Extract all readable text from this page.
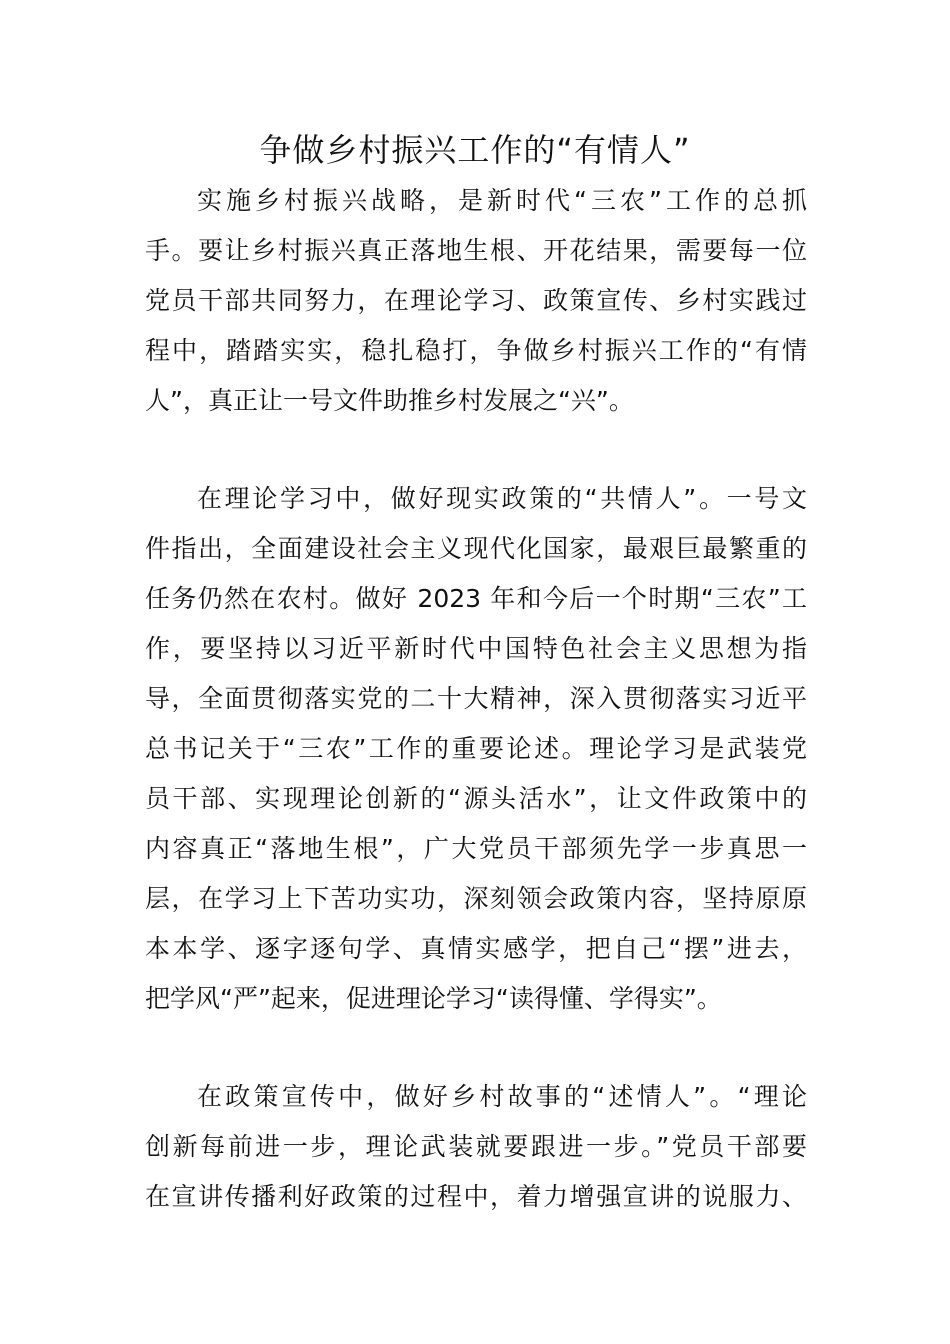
争做乡村振兴工作的“有情人”
实施乡村振兴战略，是新时代“三农”工作的总抓
手。要让乡村振兴真正落地生根、开花结果，需要每一位
党员干部共同努力，在理论学习、政策宣传、乡村实践过
程中，踏踏实实，稳扎稳打，争做乡村振兴工作的“有情
人”，真正让一号文件助推乡村发展之“兴”。
在理论学习中，做好现实政策的“共情人”。一号文
件指出，全面建设社会主义现代化国家，最艰巨最繁重的
任务仍然在农村。做好 2023 年和今后一个时期“三农”工
作，要坚持以习近平新时代中国特色社会主义思想为指
导，全面贯彻落实党的二十大精神，深入贯彻落实习近平
总书记关于“三农”工作的重要论述。理论学习是武装党
员干部、实现理论创新的“源头活水”，让文件政策中的
内容真正“落地生根”，广大党员干部须先学一步真思一
层，在学习上下苦功实功，深刻领会政策内容，坚持原原
本本学、逐字逐句学、真情实感学，把自己“摆”进去，
把学风“严”起来，促进理论学习“读得懂、学得实”。
在政策宣传中，做好乡村故事的“述情人”。“理论
创新每前进一步，理论武装就要跟进一步。”党员干部要
在宣讲传播利好政策的过程中，着力增强宣讲的说服力、
